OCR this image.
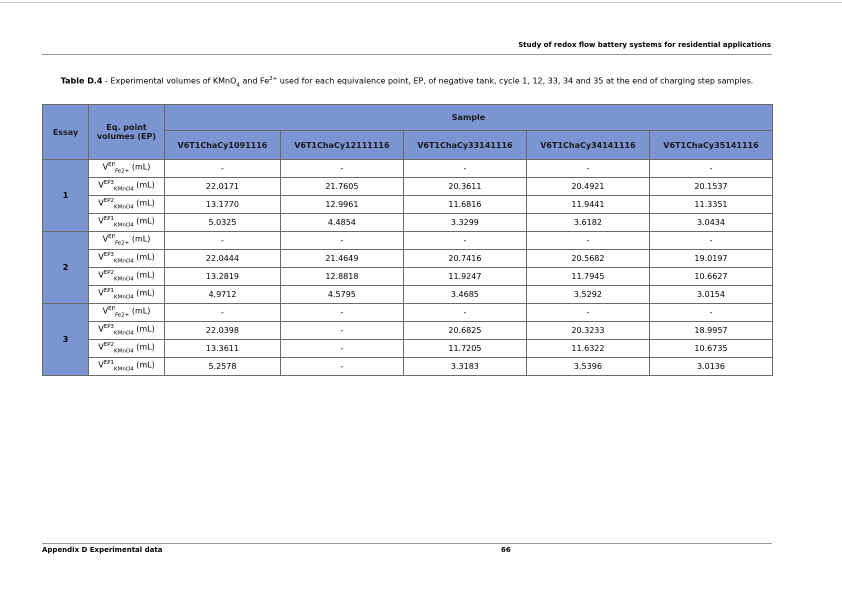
Study of redox flow battery systems for residential applications
Table D.4 - Experimental volumes of KMnO$_4$ and $Fe^{2+}$ used for each equivalence point, EP, of negative tank, cycle 1, 12, 33, 34 and 35 at the end of charging step samples.
Essay	Eq. point volumes (EP)	Sample				
		V6T1ChaCy1091116	V6T1ChaCy12111116	V6T1ChaCy33141116	V6T1ChaCy34141116	V6T1ChaCy35141116
1	$V^{EP}_{Fe2+}$ (mL)	-	-	-	-	-
	$V^{EP3}_{KMnO4}$ (mL)	22.0171	21.7605	20.3611	20.4921	20.1537
	$V^{EP2}_{KMnO4}$ (mL)	13.1770	12.9961	11.6816	11.9441	11.3351
	$V^{EP1}_{KMnO4}$ (mL)	5.0325	4.4854	3.3299	3.6182	3.0434
2	$V^{EP}_{Fe2+}$ (mL)	-	-	-	-	-
	$V^{EP3}_{KMnO4}$ (mL)	22.0444	21.4649	20.7416	20.5682	19.0197
	$V^{EP2}_{KMnO4}$ (mL)	13.2819	12.8818	11.9247	11.7945	10.6627
	$V^{EP1}_{KMnO4}$ (mL)	4.9712	4.5795	3.4685	3.5292	3.0154
3	$V^{EP}_{Fe2+}$ (mL)	-	-	-	-	-
	$V^{EP3}_{KMnO4}$ (mL)	22.0398	-	20.6825	20.3233	18.9957
	$V^{EP2}_{KMnO4}$ (mL)	13.3611	-	11.7205	11.6322	10.6735
	$V^{EP1}_{KMnO4}$ (mL)	5.2578	-	3.3183	3.5396	3.0136
Appendix D Experimental data	66
